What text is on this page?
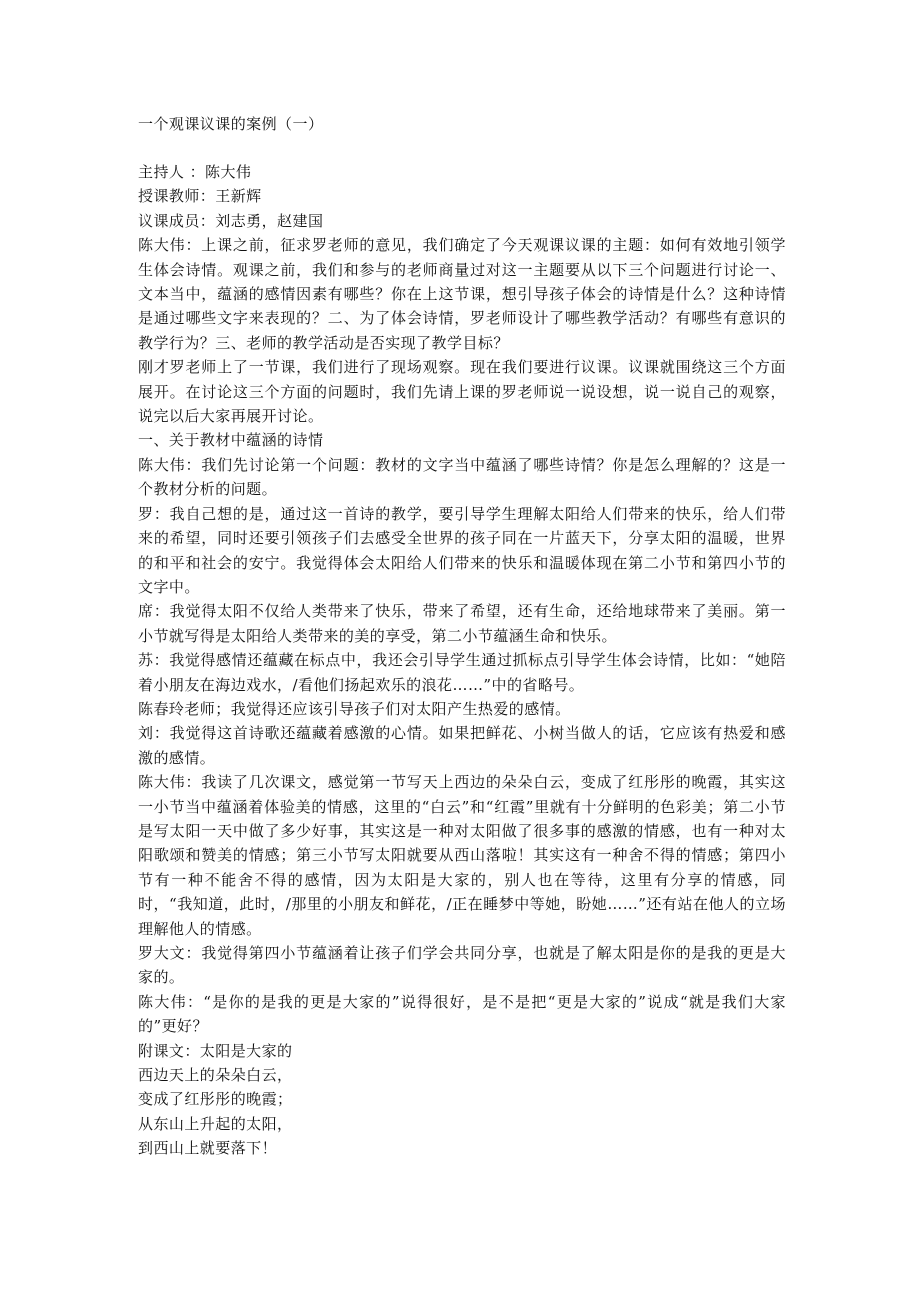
一个观课议课的案例（一）

主持人 ：陈大伟

授课教师：王新辉

议课成员：刘志勇，赵建国

陈大伟：上课之前，征求罗老师的意见，我们确定了今天观课议课的主题：如何有效地引领学生体会诗情。观课之前，我们和参与的老师商量过对这一主题要从以下三个问题进行讨论一、文本当中，蕴涵的感情因素有哪些？你在上这节课，想引导孩子体会的诗情是什么？这种诗情是通过哪些文字来表现的？二、为了体会诗情，罗老师设计了哪些教学活动？有哪些有意识的教学行为？三、老师的教学活动是否实现了教学目标？

刚才罗老师上了一节课，我们进行了现场观察。现在我们要进行议课。议课就围绕这三个方面展开。在讨论这三个方面的问题时，我们先请上课的罗老师说一说设想，说一说自己的观察，说完以后大家再展开讨论。

一、关于教材中蕴涵的诗情

陈大伟：我们先讨论第一个问题：教材的文字当中蕴涵了哪些诗情？你是怎么理解的？这是一个教材分析的问题。

罗：我自己想的是，通过这一首诗的教学，要引导学生理解太阳给人们带来的快乐，给人们带来的希望，同时还要引领孩子们去感受全世界的孩子同在一片蓝天下，分享太阳的温暖，世界的和平和社会的安宁。我觉得体会太阳给人们带来的快乐和温暖体现在第二小节和第四小节的文字中。

席：我觉得太阳不仅给人类带来了快乐，带来了希望，还有生命，还给地球带来了美丽。第一小节就写得是太阳给人类带来的美的享受，第二小节蕴涵生命和快乐。

苏：我觉得感情还蕴藏在标点中，我还会引导学生通过抓标点引导学生体会诗情，比如：“她陪着小朋友在海边戏水，/看他们扬起欢乐的浪花……”中的省略号。

陈春玲老师；我觉得还应该引导孩子们对太阳产生热爱的感情。

刘：我觉得这首诗歌还蕴藏着感激的心情。如果把鲜花、小树当做人的话，它应该有热爱和感激的感情。

陈大伟：我读了几次课文，感觉第一节写天上西边的朵朵白云，变成了红彤彤的晚霞，其实这一小节当中蕴涵着体验美的情感，这里的“白云”和“红霞”里就有十分鲜明的色彩美；第二小节是写太阳一天中做了多少好事，其实这是一种对太阳做了很多事的感激的情感，也有一种对太阳歌颂和赞美的情感；第三小节写太阳就要从西山落啦！其实这有一种舍不得的情感；第四小节有一种不能舍不得的感情，因为太阳是大家的，别人也在等待，这里有分享的情感，同时，“我知道，此时，/那里的小朋友和鲜花，/正在睡梦中等她，盼她……”还有站在他人的立场理解他人的情感。

罗大文：我觉得第四小节蕴涵着让孩子们学会共同分享，也就是了解太阳是你的是我的更是大家的。

陈大伟：“是你的是我的更是大家的”说得很好，是不是把“更是大家的”说成“就是我们大家的”更好？

附课文：太阳是大家的

西边天上的朵朵白云，

变成了红彤彤的晚霞；

从东山上升起的太阳，

到西山上就要落下！
